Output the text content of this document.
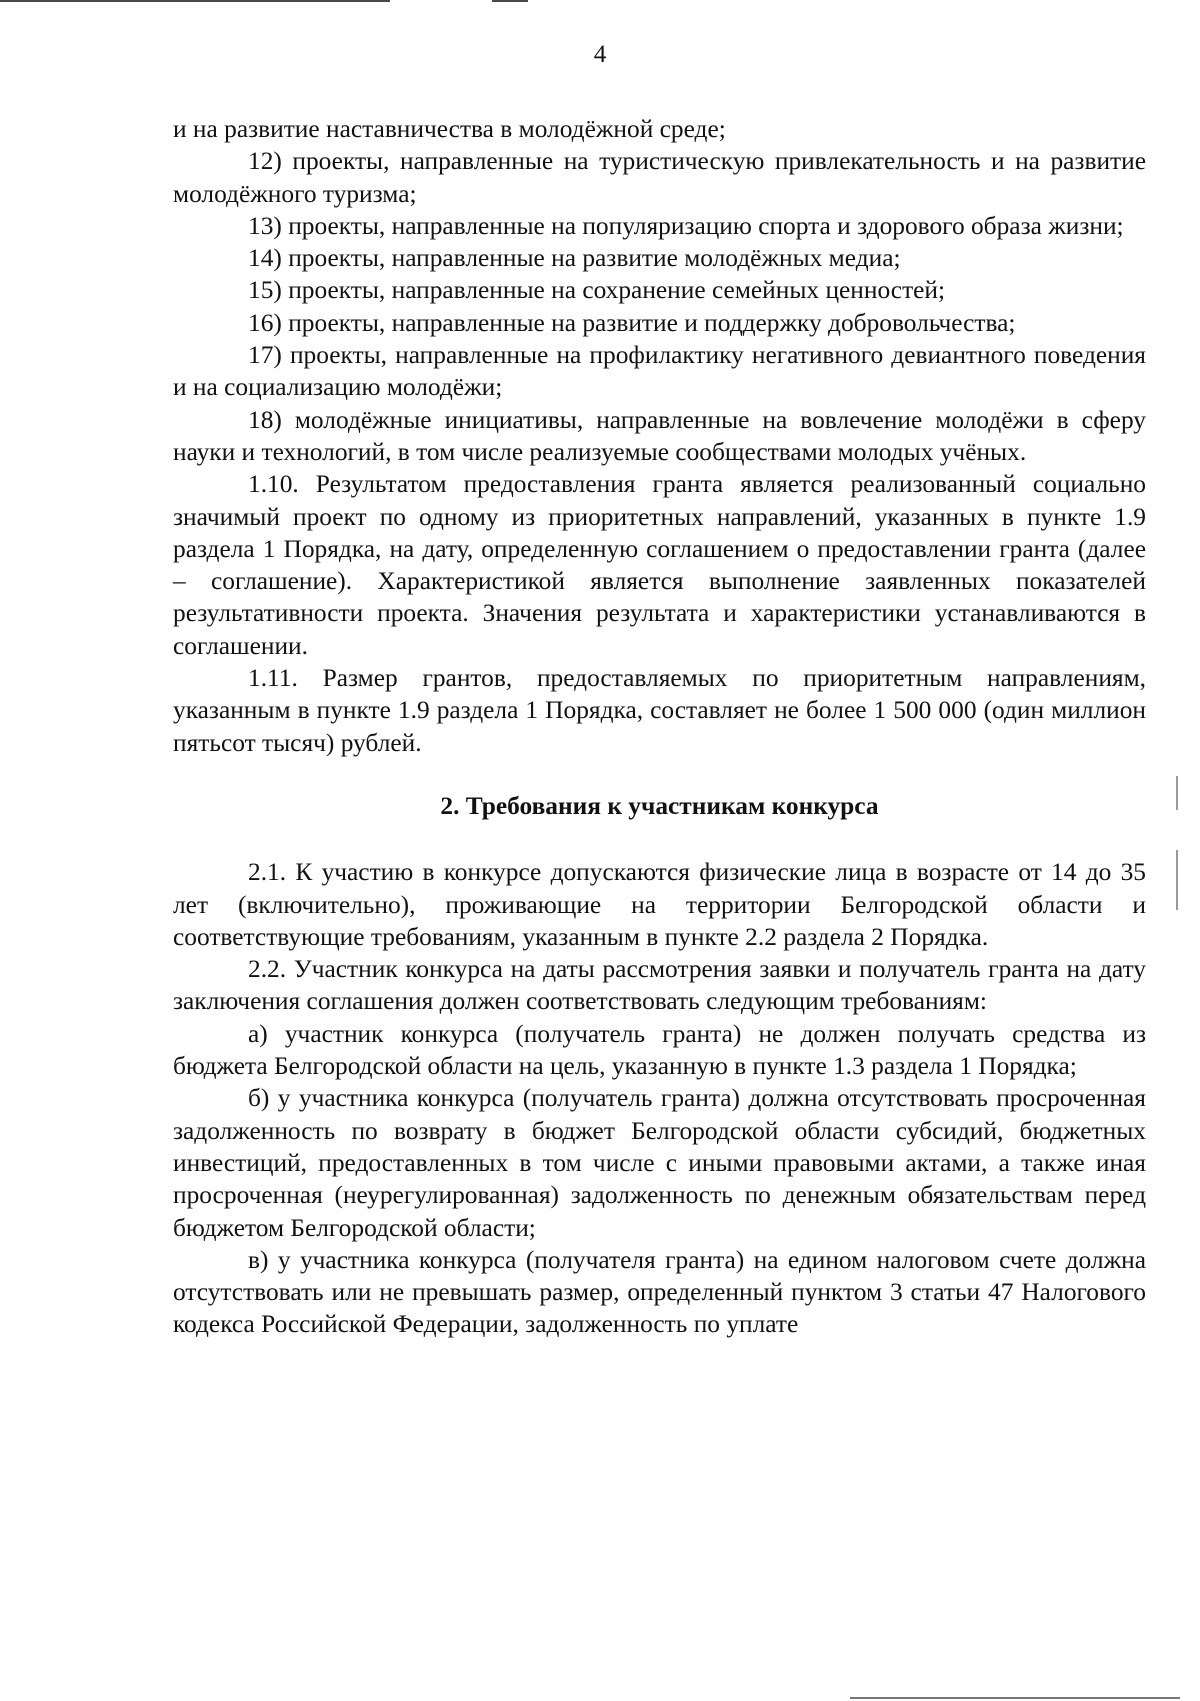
4

и на развитие наставничества в молодёжной среде;

12) проекты, направленные на туристическую привлекательность и на развитие молодёжного туризма;

13) проекты, направленные на популяризацию спорта и здорового образа жизни;

14) проекты, направленные на развитие молодёжных медиа;

15) проекты, направленные на сохранение семейных ценностей;

16) проекты, направленные на развитие и поддержку добровольчества;

17) проекты, направленные на профилактику негативного девиантного поведения и на социализацию молодёжи;

18) молодёжные инициативы, направленные на вовлечение молодёжи в сферу науки и технологий, в том числе реализуемые сообществами молодых учёных.

1.10. Результатом предоставления гранта является реализованный социально значимый проект по одному из приоритетных направлений, указанных в пункте 1.9 раздела 1 Порядка, на дату, определенную соглашением о предоставлении гранта (далее – соглашение). Характеристикой является выполнение заявленных показателей результативности проекта. Значения результата и характеристики устанавливаются в соглашении.

1.11. Размер грантов, предоставляемых по приоритетным направлениям, указанным в пункте 1.9 раздела 1 Порядка, составляет не более 1 500 000 (один миллион пятьсот тысяч) рублей.

2. Требования к участникам конкурса

2.1. К участию в конкурсе допускаются физические лица в возрасте от 14 до 35 лет (включительно), проживающие на территории Белгородской области и соответствующие требованиям, указанным в пункте 2.2 раздела 2 Порядка.

2.2. Участник конкурса на даты рассмотрения заявки и получатель гранта на дату заключения соглашения должен соответствовать следующим требованиям:

а) участник конкурса (получатель гранта) не должен получать средства из бюджета Белгородской области на цель, указанную в пункте 1.3 раздела 1 Порядка;

б) у участника конкурса (получатель гранта) должна отсутствовать просроченная задолженность по возврату в бюджет Белгородской области субсидий, бюджетных инвестиций, предоставленных в том числе с иными правовыми актами, а также иная просроченная (неурегулированная) задолженность по денежным обязательствам перед бюджетом Белгородской области;

в) у участника конкурса (получателя гранта) на едином налоговом счете должна отсутствовать или не превышать размер, определенный пунктом 3 статьи 47 Налогового кодекса Российской Федерации, задолженность по уплате
